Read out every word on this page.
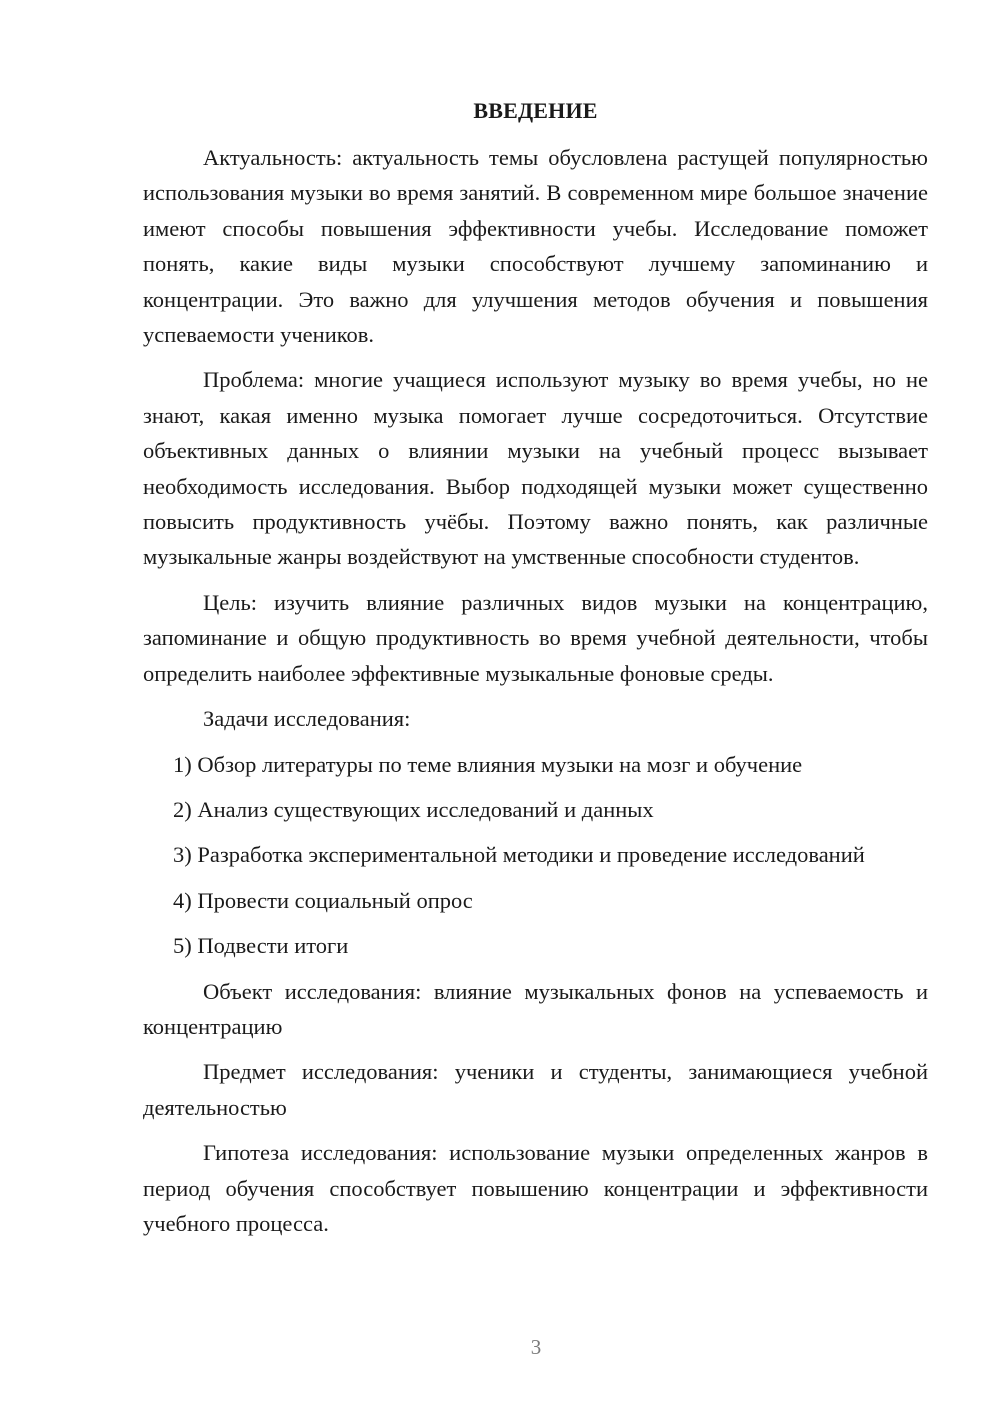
ВВЕДЕНИЕ

Актуальность: актуальность темы обусловлена растущей популярностью использования музыки во время занятий. В современном мире большое значение имеют способы повышения эффективности учебы. Исследование поможет понять, какие виды музыки способствуют лучшему запоминанию и концентрации. Это важно для улучшения методов обучения и повышения успеваемости учеников.

Проблема: многие учащиеся используют музыку во время учебы, но не знают, какая именно музыка помогает лучше сосредоточиться. Отсутствие объективных данных о влиянии музыки на учебный процесс вызывает необходимость исследования. Выбор подходящей музыки может существенно повысить продуктивность учёбы. Поэтому важно понять, как различные музыкальные жанры воздействуют на умственные способности студентов.

Цель: изучить влияние различных видов музыки на концентрацию, запоминание и общую продуктивность во время учебной деятельности, чтобы определить наиболее эффективные музыкальные фоновые среды.

Задачи исследования:

1) Обзор литературы по теме влияния музыки на мозг и обучение

2) Анализ существующих исследований и данных

3) Разработка экспериментальной методики и проведение исследований

4) Провести социальный опрос

5) Подвести итоги

Объект исследования: влияние музыкальных фонов на успеваемость и концентрацию

Предмет исследования: ученики и студенты, занимающиеся учебной деятельностью

Гипотеза исследования: использование музыки определенных жанров в период обучения способствует повышению концентрации и эффективности учебного процесса.

3
